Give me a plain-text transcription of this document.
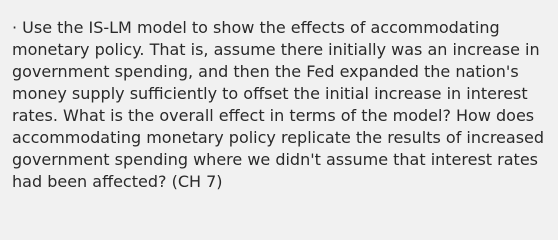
· Use the IS-LM model to show the effects of accommodating monetary policy. That is, assume there initially was an increase in government spending, and then the Fed expanded the nation's money supply sufficiently to offset the initial increase in interest rates. What is the overall effect in terms of the model? How does accommodating monetary policy replicate the results of increased government spending where we didn't assume that interest rates had been affected? (CH 7)
